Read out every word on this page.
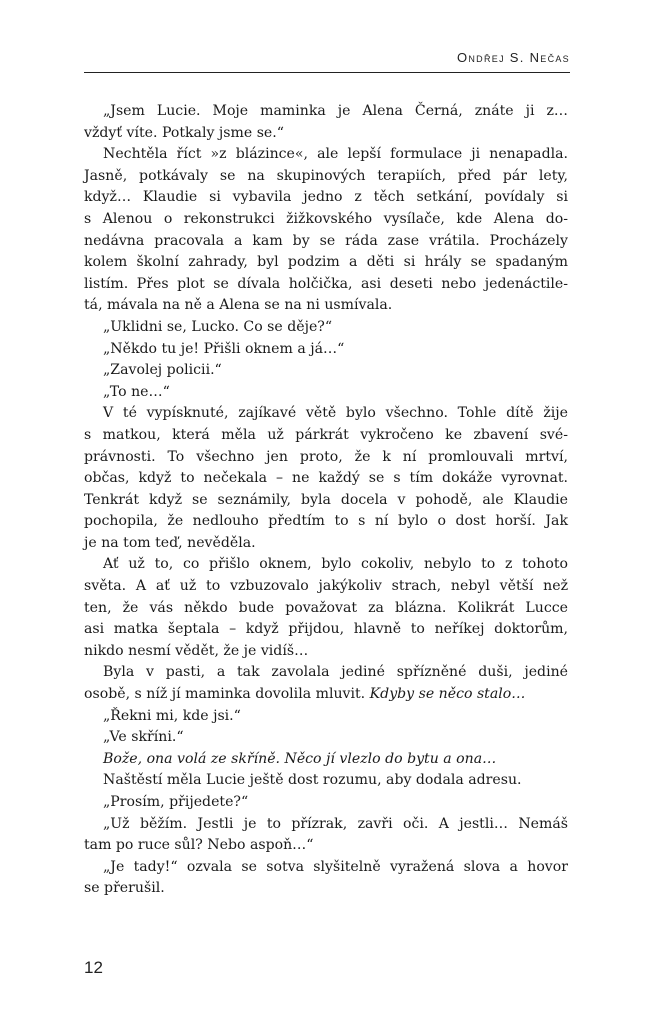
Ondřej S. Nečas
„Jsem Lucie. Moje maminka je Alena Černá, znáte ji z…
vždyť víte. Potkaly jsme se.“
Nechtěla říct »z blázince«, ale lepší formulace ji nenapadla.
Jasně, potkávaly se na skupinových terapiích, před pár lety,
když… Klaudie si vybavila jedno z těch setkání, povídaly si
s Alenou o rekonstrukci žižkovského vysílače, kde Alena do-
nedávna pracovala a kam by se ráda zase vrátila. Procházely
kolem školní zahrady, byl podzim a děti si hrály se spadaným
listím. Přes plot se dívala holčička, asi deseti nebo jedenáctile-
tá, mávala na ně a Alena se na ni usmívala.
„Uklidni se, Lucko. Co se děje?“
„Někdo tu je! Přišli oknem a já…“
„Zavolej policii.“
„To ne…“
V té vypísknuté, zajíkavé větě bylo všechno. Tohle dítě žije
s matkou, která měla už párkrát vykročeno ke zbavení své-
právnosti. To všechno jen proto, že k ní promlouvali mrtví,
občas, když to nečekala – ne každý se s tím dokáže vyrovnat.
Tenkrát když se seznámily, byla docela v pohodě, ale Klaudie
pochopila, že nedlouho předtím to s ní bylo o dost horší. Jak
je na tom teď, nevěděla.
Ať už to, co přišlo oknem, bylo cokoliv, nebylo to z tohoto
světa. A ať už to vzbuzovalo jakýkoliv strach, nebyl větší než
ten, že vás někdo bude považovat za blázna. Kolikrát Lucce
asi matka šeptala – když přijdou, hlavně to neříkej doktorům,
nikdo nesmí vědět, že je vidíš…
Byla v pasti, a tak zavolala jediné spřízněné duši, jediné
osobě, s níž jí maminka dovolila mluvit. Kdyby se něco stalo…
„Řekni mi, kde jsi.“
„Ve skříni.“
Bože, ona volá ze skříně. Něco jí vlezlo do bytu a ona…
Naštěstí měla Lucie ještě dost rozumu, aby dodala adresu.
„Prosím, přijedete?“
„Už běžím. Jestli je to přízrak, zavři oči. A jestli… Nemáš
tam po ruce sůl? Nebo aspoň…“
„Je tady!“ ozvala se sotva slyšitelně vyražená slova a hovor
se přerušil.
12
